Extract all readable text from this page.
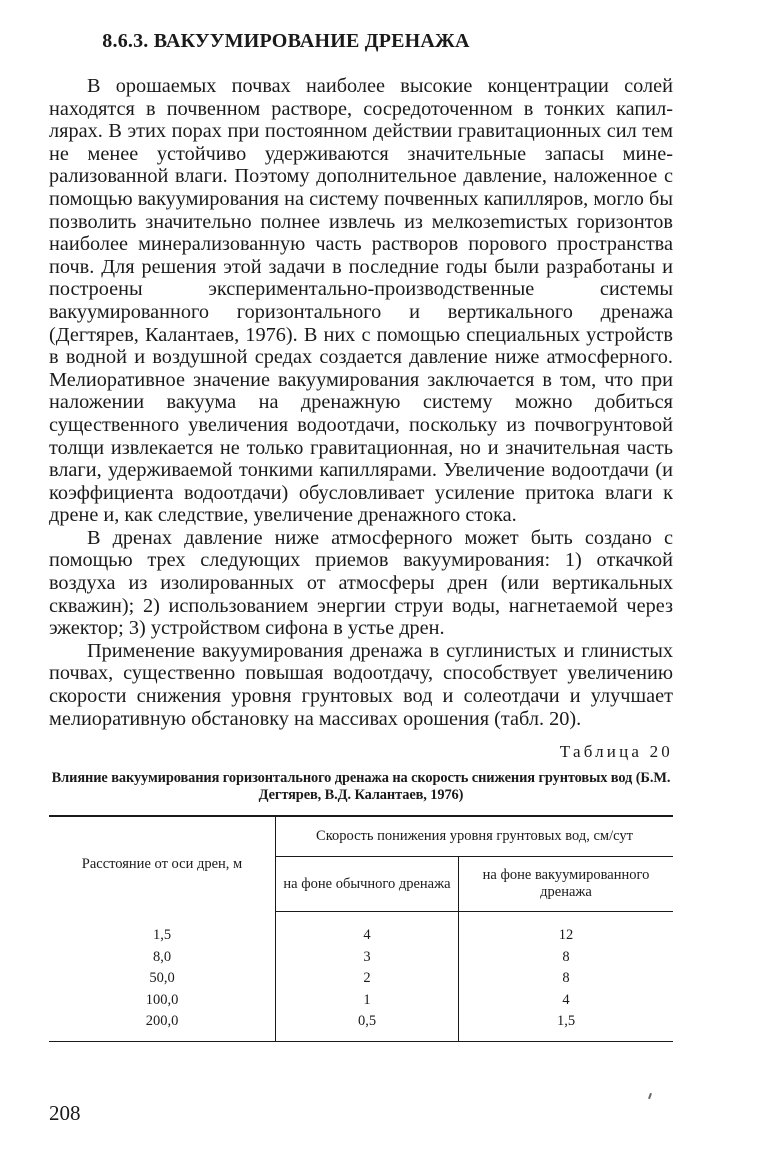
8.6.3. ВАКУУМИРОВАНИЕ ДРЕНАЖА

В орошаемых почвах наиболее высокие концентрации солей находятся в почвенном растворе, сосредоточенном в тонких капиллярах. В этих порах при постоянном действии гравитационных сил тем не менее устойчиво удерживаются значительные запасы минерализованной влаги. Поэтому дополнительное давление, наложенное с помощью вакуумирования на систему почвенных капилляров, могло бы позволить значительно полнее извлечь из мелкозеmистых горизонтов наиболее минерализованную часть растворов порового пространства почв. Для решения этой задачи в последние годы были разработаны и построены экспериментально-производственные системы вакуумированного горизонтального и вертикального дренажа (Дегтярев, Калантаев, 1976). В них с помощью специальных устройств в водной и воздушной средах создается давление ниже атмосферного. Мелиоративное значение вакуумирования заключается в том, что при наложении вакуума на дренажную систему можно добиться существенного увеличения водоотдачи, поскольку из почвогрунтовой толщи извлекается не только гравитационная, но и значительная часть влаги, удерживаемой тонкими капиллярами. Увеличение водоотдачи (и коэффициента водоотдачи) обусловливает усиление притока влаги к дрене и, как следствие, увеличение дренажного стока.

В дренах давление ниже атмосферного может быть создано с помощью трех следующих приемов вакуумирования: 1) откачкой воздуха из изолированных от атмосферы дрен (или вертикальных скважин); 2) использованием энергии струи воды, нагнетаемой через эжектор; 3) устройством сифона в устье дрен.

Применение вакуумирования дренажа в суглинистых и глинистых почвах, существенно повышая водоотдачу, способствует увеличению скорости снижения уровня грунтовых вод и солеотдачи и улучшает мелиоративную обстановку на массивах орошения (табл. 20).

Таблица 20
Влияние вакуумирования горизонтального дренажа на скорость снижения грунтовых вод (Б.М. Дегтярев, В.Д. Калантаев, 1976)
Расстояние от оси дрен, м	Скорость понижения уровня грунтовых вод, см/сут	
	на фоне обычного дренажа	на фоне вакуумированного дренажа
1,5	4	12
8,0	3	8
50,0	2	8
100,0	1	4
200,0	0,5	1,5
208
